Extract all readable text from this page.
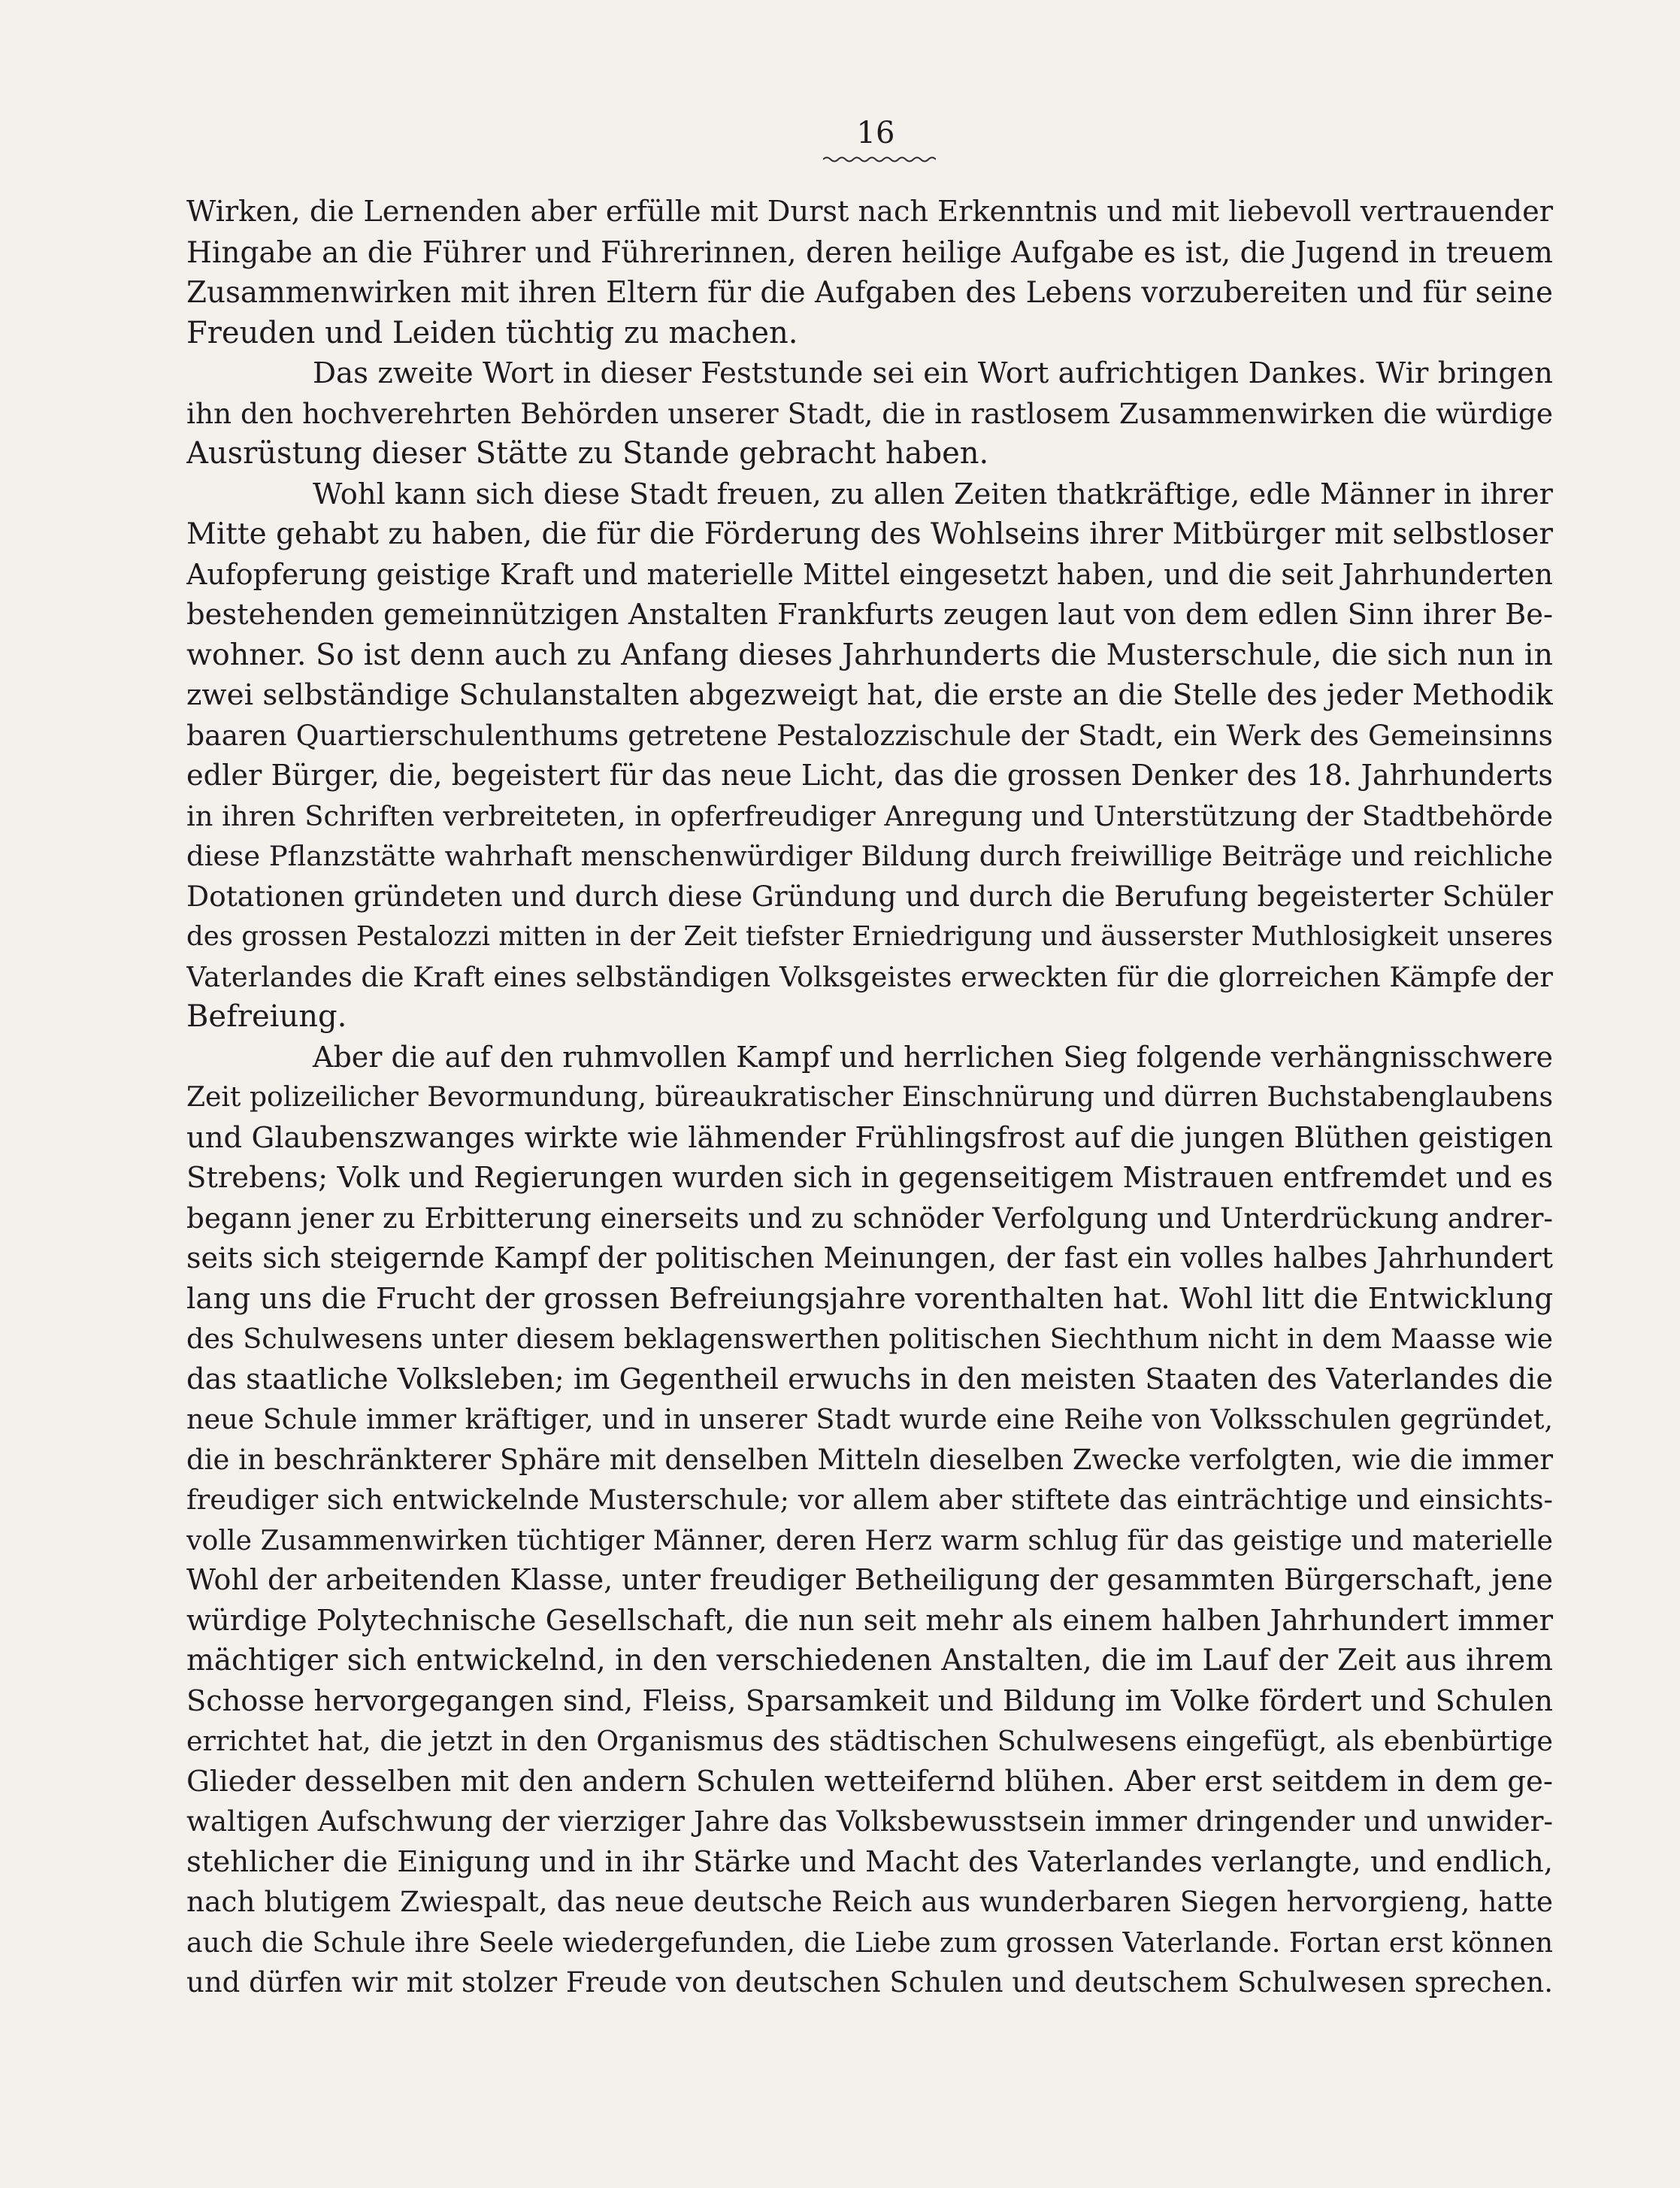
16
Wirken, die Lernenden aber erfülle mit Durst nach Erkenntnis und mit liebevoll vertrauender
Hingabe an die Führer und Führerinnen, deren heilige Aufgabe es ist, die Jugend in treuem
Zusammenwirken mit ihren Eltern für die Aufgaben des Lebens vorzubereiten und für seine
Freuden und Leiden tüchtig zu machen.
Das zweite Wort in dieser Feststunde sei ein Wort aufrichtigen Dankes. Wir bringen
ihn den hochverehrten Behörden unserer Stadt, die in rastlosem Zusammenwirken die würdige
Ausrüstung dieser Stätte zu Stande gebracht haben.
Wohl kann sich diese Stadt freuen, zu allen Zeiten thatkräftige, edle Männer in ihrer
Mitte gehabt zu haben, die für die Förderung des Wohlseins ihrer Mitbürger mit selbstloser
Aufopferung geistige Kraft und materielle Mittel eingesetzt haben, und die seit Jahrhunderten
bestehenden gemeinnützigen Anstalten Frankfurts zeugen laut von dem edlen Sinn ihrer Be-
wohner. So ist denn auch zu Anfang dieses Jahrhunderts die Musterschule, die sich nun in
zwei selbständige Schulanstalten abgezweigt hat, die erste an die Stelle des jeder Methodik
baaren Quartierschulenthums getretene Pestalozzischule der Stadt, ein Werk des Gemeinsinns
edler Bürger, die, begeistert für das neue Licht, das die grossen Denker des 18. Jahrhunderts
in ihren Schriften verbreiteten, in opferfreudiger Anregung und Unterstützung der Stadtbehörde
diese Pflanzstätte wahrhaft menschenwürdiger Bildung durch freiwillige Beiträge und reichliche
Dotationen gründeten und durch diese Gründung und durch die Berufung begeisterter Schüler
des grossen Pestalozzi mitten in der Zeit tiefster Erniedrigung und äusserster Muthlosigkeit unseres
Vaterlandes die Kraft eines selbständigen Volksgeistes erweckten für die glorreichen Kämpfe der
Befreiung.
Aber die auf den ruhmvollen Kampf und herrlichen Sieg folgende verhängnisschwere
Zeit polizeilicher Bevormundung, büreaukratischer Einschnürung und dürren Buchstabenglaubens
und Glaubenszwanges wirkte wie lähmender Frühlingsfrost auf die jungen Blüthen geistigen
Strebens; Volk und Regierungen wurden sich in gegenseitigem Mistrauen entfremdet und es
begann jener zu Erbitterung einerseits und zu schnöder Verfolgung und Unterdrückung andrer-
seits sich steigernde Kampf der politischen Meinungen, der fast ein volles halbes Jahrhundert
lang uns die Frucht der grossen Befreiungsjahre vorenthalten hat. Wohl litt die Entwicklung
des Schulwesens unter diesem beklagenswerthen politischen Siechthum nicht in dem Maasse wie
das staatliche Volksleben; im Gegentheil erwuchs in den meisten Staaten des Vaterlandes die
neue Schule immer kräftiger, und in unserer Stadt wurde eine Reihe von Volksschulen gegründet,
die in beschränkterer Sphäre mit denselben Mitteln dieselben Zwecke verfolgten, wie die immer
freudiger sich entwickelnde Musterschule; vor allem aber stiftete das einträchtige und einsichts-
volle Zusammenwirken tüchtiger Männer, deren Herz warm schlug für das geistige und materielle
Wohl der arbeitenden Klasse, unter freudiger Betheiligung der gesammten Bürgerschaft, jene
würdige Polytechnische Gesellschaft, die nun seit mehr als einem halben Jahrhundert immer
mächtiger sich entwickelnd, in den verschiedenen Anstalten, die im Lauf der Zeit aus ihrem
Schosse hervorgegangen sind, Fleiss, Sparsamkeit und Bildung im Volke fördert und Schulen
errichtet hat, die jetzt in den Organismus des städtischen Schulwesens eingefügt, als ebenbürtige
Glieder desselben mit den andern Schulen wetteifernd blühen. Aber erst seitdem in dem ge-
waltigen Aufschwung der vierziger Jahre das Volksbewusstsein immer dringender und unwider-
stehlicher die Einigung und in ihr Stärke und Macht des Vaterlandes verlangte, und endlich,
nach blutigem Zwiespalt, das neue deutsche Reich aus wunderbaren Siegen hervorgieng, hatte
auch die Schule ihre Seele wiedergefunden, die Liebe zum grossen Vaterlande. Fortan erst können
und dürfen wir mit stolzer Freude von deutschen Schulen und deutschem Schulwesen sprechen.
